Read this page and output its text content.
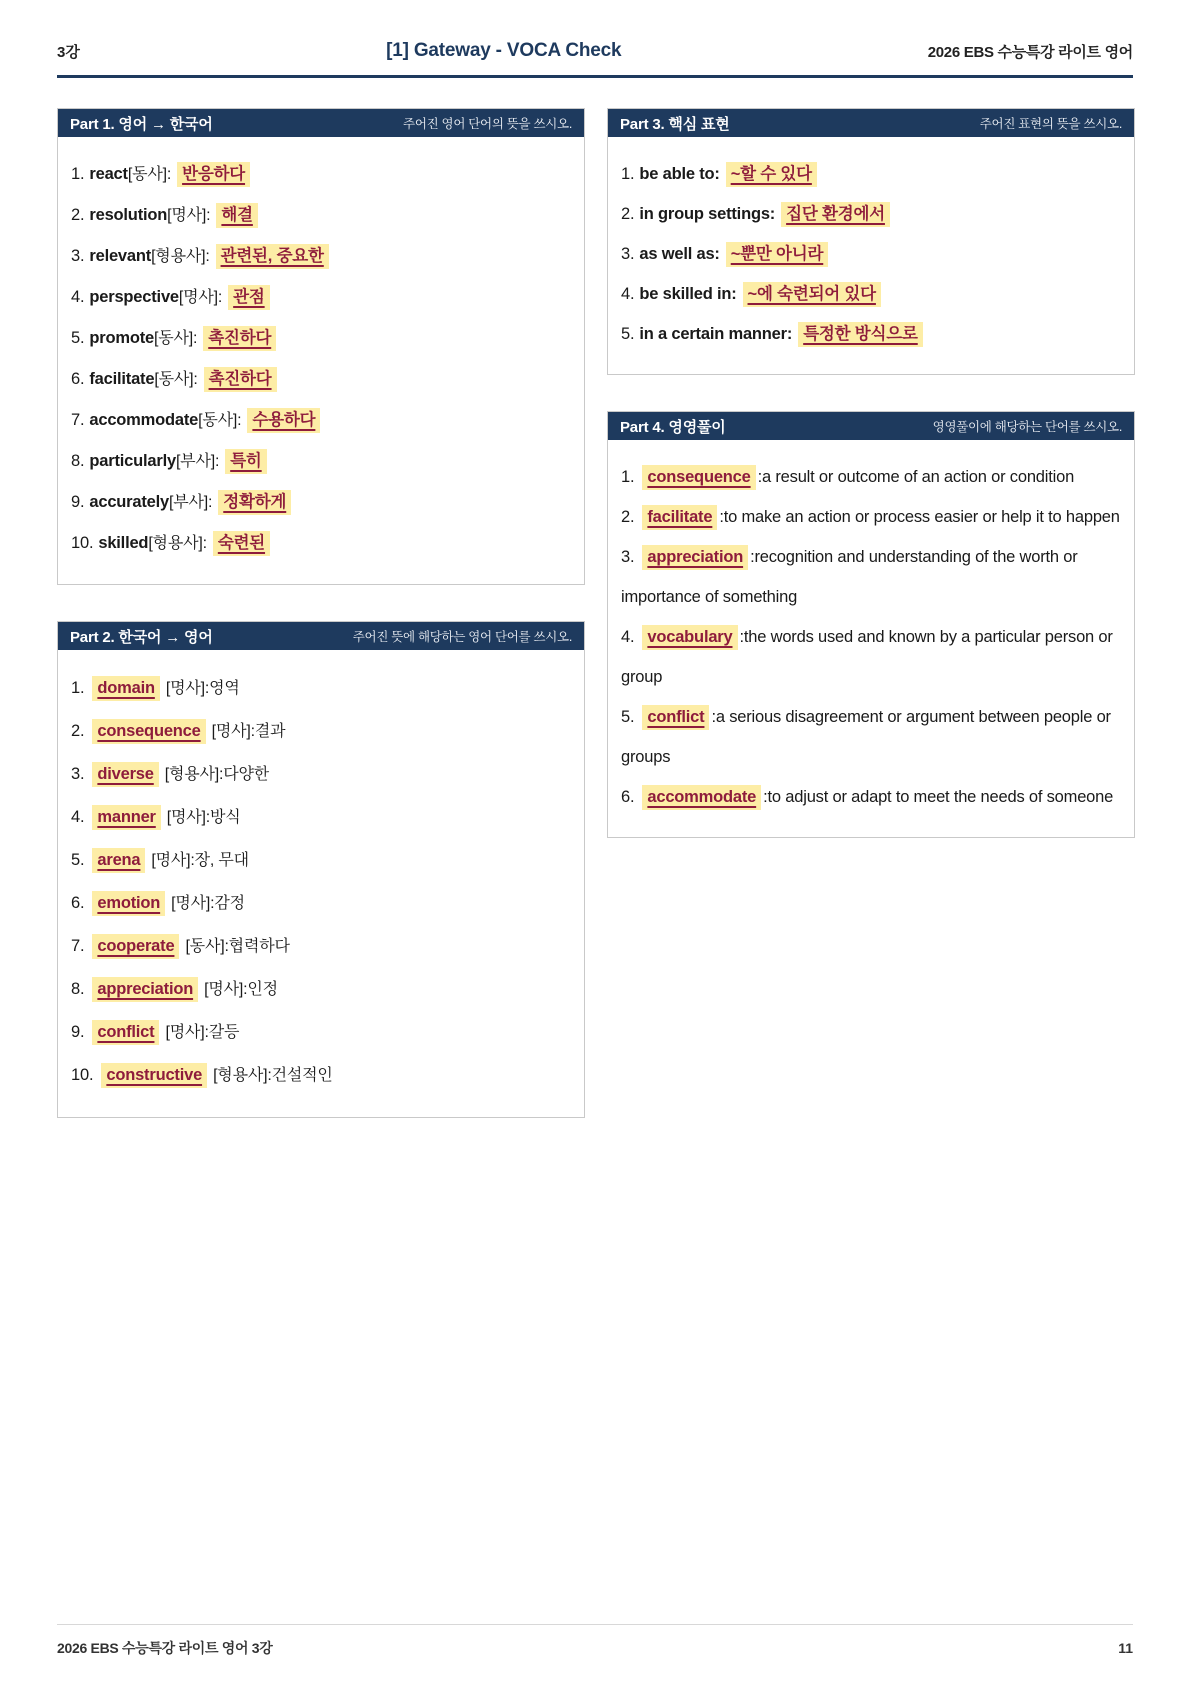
3강	[1] Gateway - VOCA Check	2026 EBS 수능특강 라이트 영어
Part 1. 영어 → 한국어	주어진 영어 단어의 뜻을 쓰시오.
1. react[동사]: 반응하다
2. resolution[명사]: 해결
3. relevant[형용사]: 관련된, 중요한
4. perspective[명사]: 관점
5. promote[동사]: 촉진하다
6. facilitate[동사]: 촉진하다
7. accommodate[동사]: 수용하다
8. particularly[부사]: 특히
9. accurately[부사]: 정확하게
10. skilled[형용사]: 숙련된
Part 2. 한국어 → 영어	주어진 뜻에 해당하는 영어 단어를 쓰시오.
1. domain [명사]:영역
2. consequence [명사]:결과
3. diverse [형용사]:다양한
4. manner [명사]:방식
5. arena [명사]:장, 무대
6. emotion [명사]:감정
7. cooperate [동사]:협력하다
8. appreciation [명사]:인정
9. conflict [명사]:갈등
10. constructive [형용사]:건설적인
Part 3. 핵심 표현	주어진 표현의 뜻을 쓰시오.
1. be able to: ~할 수 있다
2. in group settings: 집단 환경에서
3. as well as: ~뿐만 아니라
4. be skilled in: ~에 숙련되어 있다
5. in a certain manner: 특정한 방식으로
Part 4. 영영풀이	영영풀이에 해당하는 단어를 쓰시오.
1. consequence :a result or outcome of an action or condition
2. facilitate :to make an action or process easier or help it to happen
3. appreciation :recognition and understanding of the worth or importance of something
4. vocabulary :the words used and known by a particular person or group
5. conflict :a serious disagreement or argument between people or groups
6. accommodate :to adjust or adapt to meet the needs of someone
2026 EBS 수능특강 라이트 영어 3강	11
